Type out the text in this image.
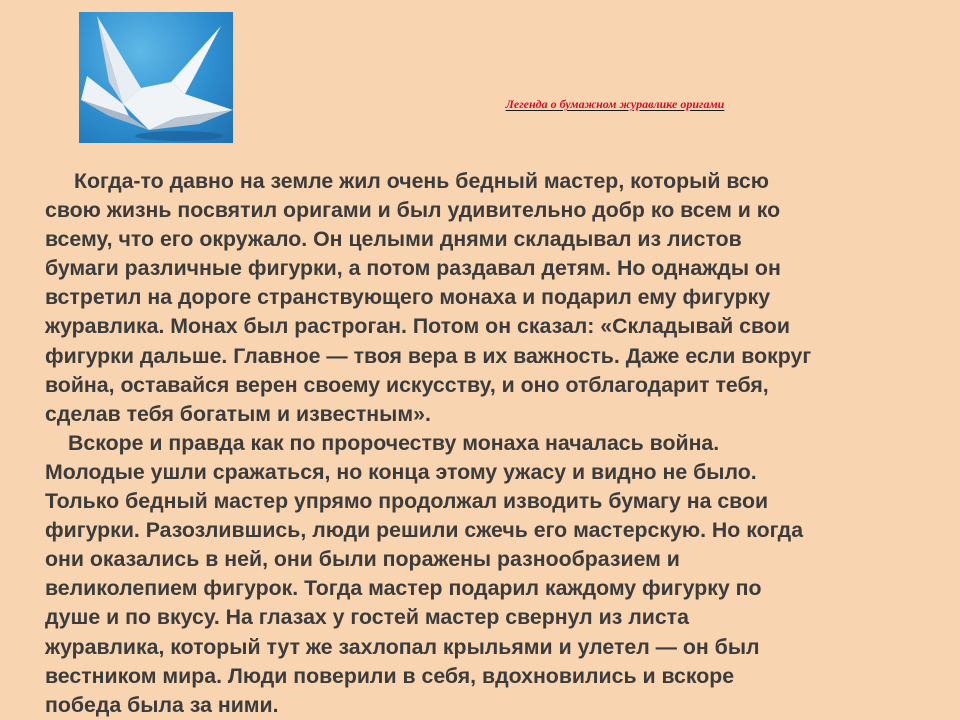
Легенда о бумажном журавлике оригами
Когда-то давно на земле жил очень бедный мастер, который всю
свою жизнь посвятил оригами и был удивительно добр ко всем и ко
всему, что его окружало. Он целыми днями складывал из листов
бумаги различные фигурки, а потом раздавал детям. Но однажды он
встретил на дороге странствующего монаха и подарил ему фигурку
журавлика. Монах был растроган. Потом он сказал: «Складывай свои
фигурки дальше. Главное — твоя вера в их важность. Даже если вокруг
война, оставайся верен своему искусству, и оно отблагодарит тебя,
сделав тебя богатым и известным».
Вскоре и правда как по пророчеству монаха началась война.
Молодые ушли сражаться, но конца этому ужасу и видно не было.
Только бедный мастер упрямо продолжал изводить бумагу на свои
фигурки. Разозлившись, люди решили сжечь его мастерскую. Но когда
они оказались в ней, они были поражены разнообразием и
великолепием фигурок. Тогда мастер подарил каждому фигурку по
душе и по вкусу. На глазах у гостей мастер свернул из листа
журавлика, который тут же захлопал крыльями и улетел — он был
вестником мира. Люди поверили в себя, вдохновились и вскоре
победа была за ними.
